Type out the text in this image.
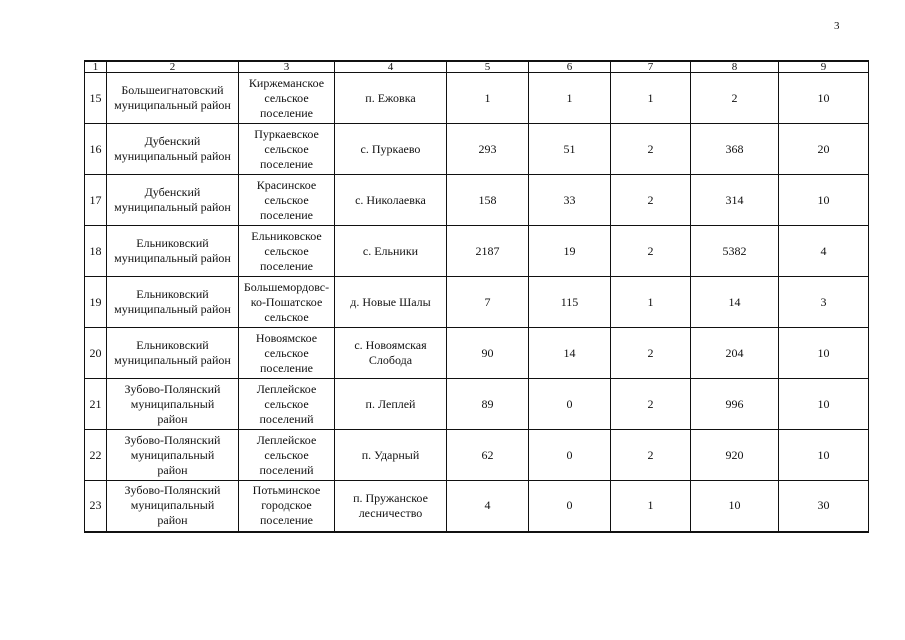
3
1	2	3	4	5	6	7	8	9
15	Большеигнатовский
муниципальный район	Киржеманское
сельское
поселение	п. Ежовка	1	1	1	2	10
16	Дубенский
муниципальный район	Пуркаевское
сельское
поселение	с. Пуркаево	293	51	2	368	20
17	Дубенский
муниципальный район	Красинское
сельское
поселение	с. Николаевка	158	33	2	314	10
18	Ельниковский
муниципальный район	Ельниковское
сельское
поселение	с. Ельники	2187	19	2	5382	4
19	Ельниковский
муниципальный район	Большемордовс-
ко-Пошатское
сельское	д. Новые Шалы	7	115	1	14	3
20	Ельниковский
муниципальный район	Новоямское
сельское
поселение	с. Новоямская
Слобода	90	14	2	204	10
21	Зубово-Полянский
муниципальный
район	Леплейское
сельское
поселений	п. Леплей	89	0	2	996	10
22	Зубово-Полянский
муниципальный
район	Леплейское
сельское
поселений	п. Ударный	62	0	2	920	10
23	Зубово-Полянский
муниципальный
район	Потьминское
городское
поселение	п. Пружанское
лесничество	4	0	1	10	30
